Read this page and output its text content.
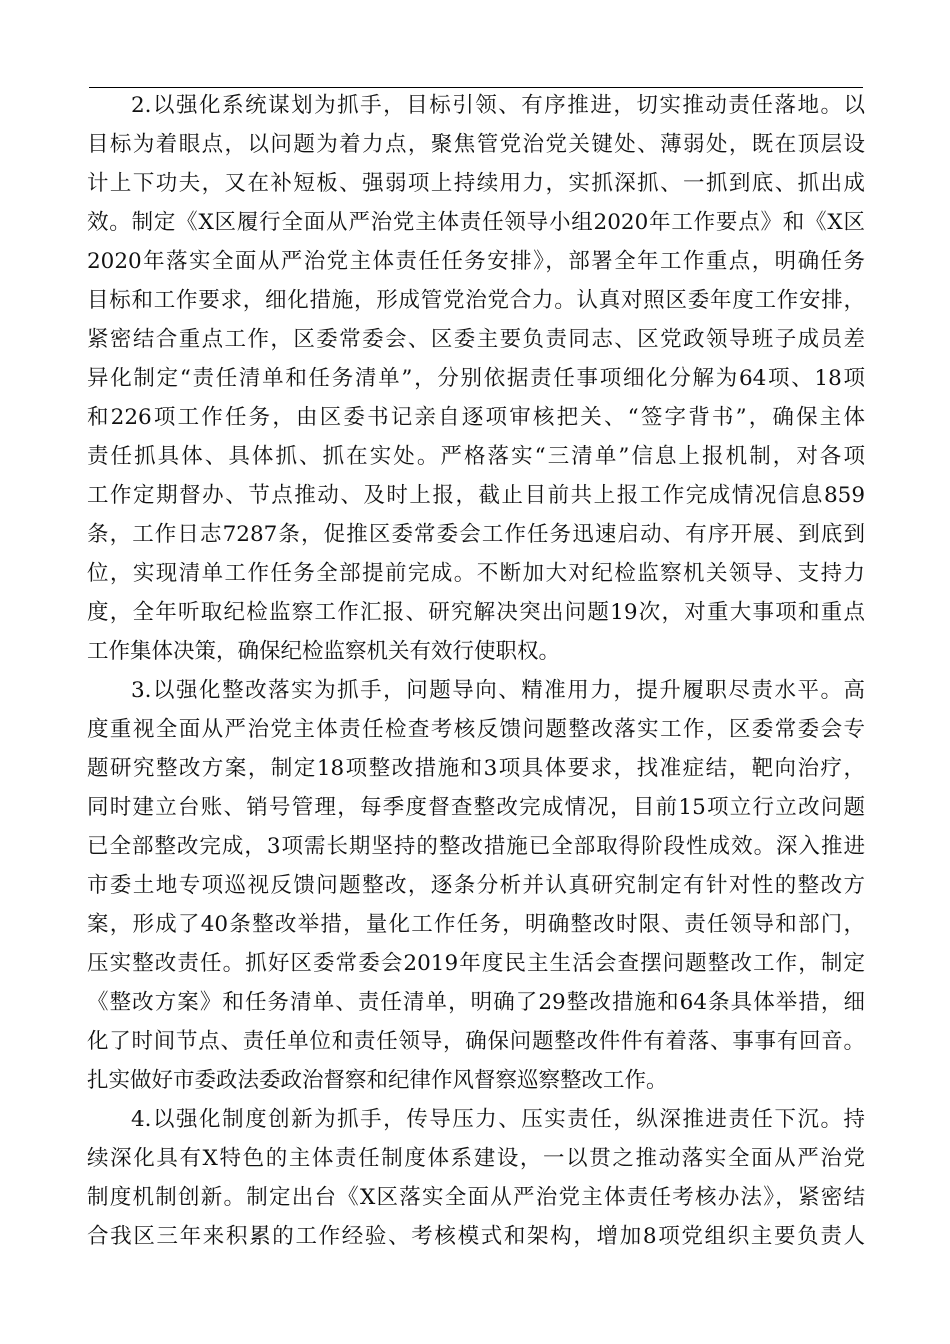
2.以强化系统谋划为抓手，目标引领、有序推进，切实推动责任落地。以
目标为着眼点，以问题为着力点，聚焦管党治党关键处、薄弱处，既在顶层设
计上下功夫，又在补短板、强弱项上持续用力，实抓深抓、一抓到底、抓出成
效。制定《X区履行全面从严治党主体责任领导小组2020年工作要点》和《X区
2020年落实全面从严治党主体责任任务安排》，部署全年工作重点，明确任务
目标和工作要求，细化措施，形成管党治党合力。认真对照区委年度工作安排，
紧密结合重点工作，区委常委会、区委主要负责同志、区党政领导班子成员差
异化制定“责任清单和任务清单”，分别依据责任事项细化分解为64项、18项
和226项工作任务，由区委书记亲自逐项审核把关、“签字背书”，确保主体
责任抓具体、具体抓、抓在实处。严格落实“三清单”信息上报机制，对各项
工作定期督办、节点推动、及时上报，截止目前共上报工作完成情况信息859
条，工作日志7287条，促推区委常委会工作任务迅速启动、有序开展、到底到
位，实现清单工作任务全部提前完成。不断加大对纪检监察机关领导、支持力
度，全年听取纪检监察工作汇报、研究解决突出问题19次，对重大事项和重点
工作集体决策，确保纪检监察机关有效行使职权。
3.以强化整改落实为抓手，问题导向、精准用力，提升履职尽责水平。高
度重视全面从严治党主体责任检查考核反馈问题整改落实工作，区委常委会专
题研究整改方案，制定18项整改措施和3项具体要求，找准症结，靶向治疗，
同时建立台账、销号管理，每季度督查整改完成情况，目前15项立行立改问题
已全部整改完成，3项需长期坚持的整改措施已全部取得阶段性成效。深入推进
市委土地专项巡视反馈问题整改，逐条分析并认真研究制定有针对性的整改方
案，形成了40条整改举措，量化工作任务，明确整改时限、责任领导和部门，
压实整改责任。抓好区委常委会2019年度民主生活会查摆问题整改工作，制定
《整改方案》和任务清单、责任清单，明确了29整改措施和64条具体举措，细
化了时间节点、责任单位和责任领导，确保问题整改件件有着落、事事有回音。
扎实做好市委政法委政治督察和纪律作风督察巡察整改工作。
4.以强化制度创新为抓手，传导压力、压实责任，纵深推进责任下沉。持
续深化具有X特色的主体责任制度体系建设，一以贯之推动落实全面从严治党
制度机制创新。制定出台《X区落实全面从严治党主体责任考核办法》，紧密结
合我区三年来积累的工作经验、考核模式和架构，增加8项党组织主要负责人
